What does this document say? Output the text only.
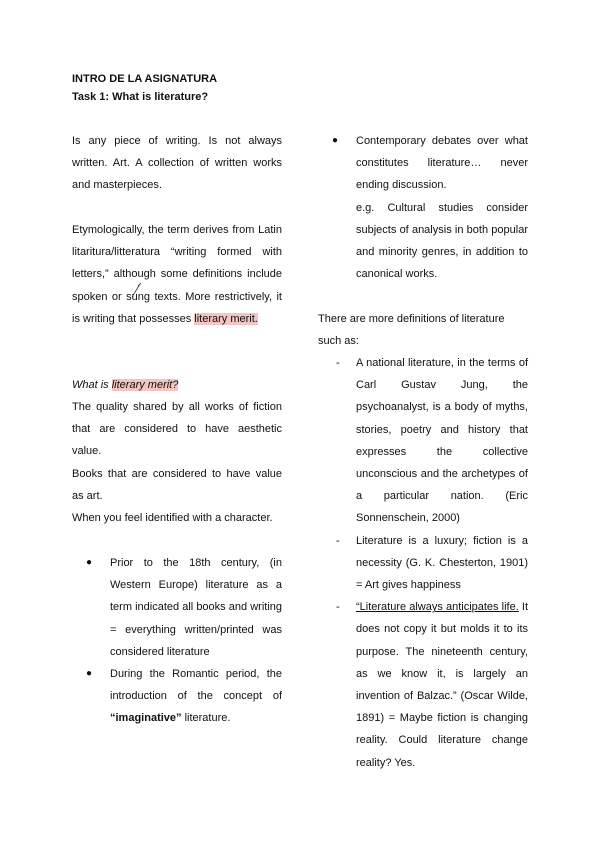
INTRO DE LA ASIGNATURA
Task 1: What is literature?
Is any piece of writing. Is not always written. Art. A collection of written works and masterpieces.
Etymologically, the term derives from Latin litaritura/litteratura “writing formed with letters,” although some definitions include spoken or sung texts. More restrictively, it is writing that possesses literary merit.
What is literary merit?
The quality shared by all works of fiction that are considered to have aesthetic value.
Books that are considered to have value as art.
When you feel identified with a character.
● Prior to the 18th century, (in Western Europe) literature as a term indicated all books and writing = everything written/printed was considered literature
● During the Romantic period, the introduction of the concept of “imaginative” literature.
● Contemporary debates over what constitutes literature… never ending discussion.
e.g. Cultural studies consider subjects of analysis in both popular and minority genres, in addition to canonical works.
There are more definitions of literature such as:
- A national literature, in the terms of Carl Gustav Jung, the psychoanalyst, is a body of myths, stories, poetry and history that expresses the collective unconscious and the archetypes of a particular nation. (Eric Sonnenschein, 2000)
- Literature is a luxury; fiction is a necessity (G. K. Chesterton, 1901) = Art gives happiness
- “Literature always anticipates life. It does not copy it but molds it to its purpose. The nineteenth century, as we know it, is largely an invention of Balzac.” (Oscar Wilde, 1891) = Maybe fiction is changing reality. Could literature change reality? Yes.
